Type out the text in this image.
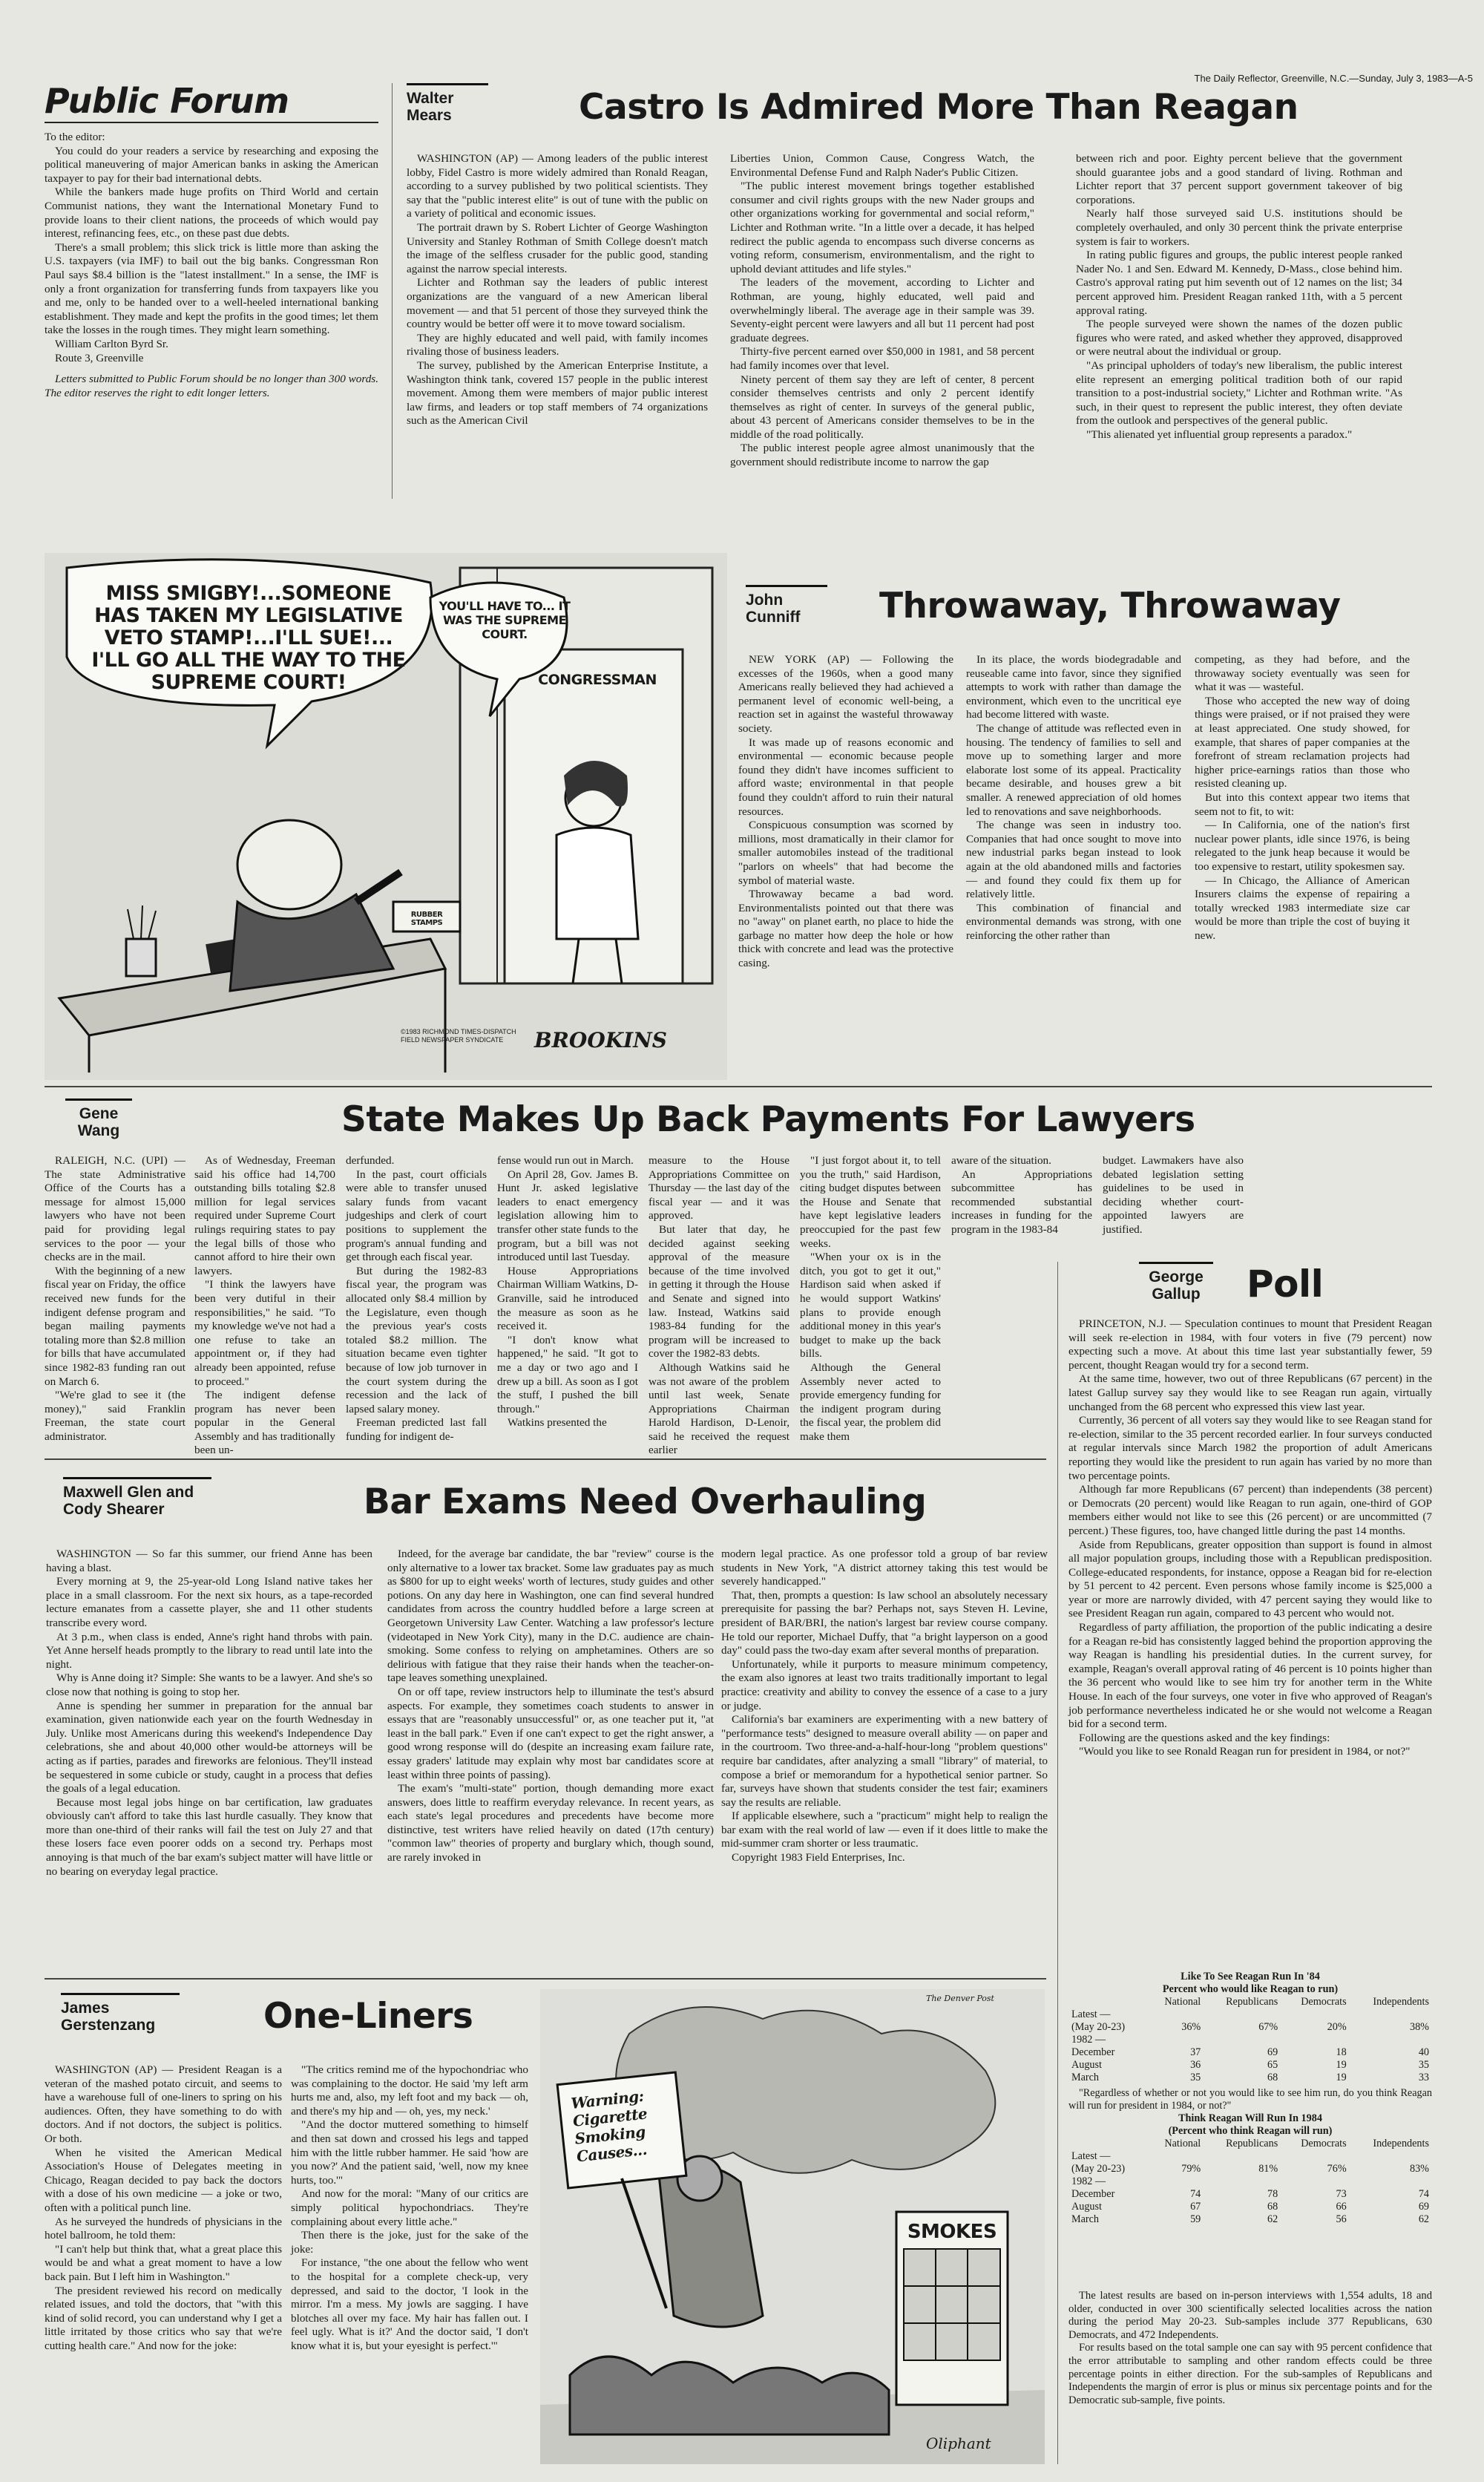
The Daily Reflector, Greenville, N.C.—Sunday, July 3, 1983—A-5
Public Forum

To the editor:

You could do your readers a service by researching and exposing the political maneuvering of major American banks in asking the American taxpayer to pay for their bad international debts.

While the bankers made huge profits on Third World and certain Communist nations, they want the International Monetary Fund to provide loans to their client nations, the proceeds of which would pay interest, refinancing fees, etc., on these past due debts.

There's a small problem; this slick trick is little more than asking the U.S. taxpayers (via IMF) to bail out the big banks. Congressman Ron Paul says $8.4 billion is the "latest installment." In a sense, the IMF is only a front organization for transferring funds from taxpayers like you and me, only to be handed over to a well-heeled international banking establishment. They made and kept the profits in the good times; let them take the losses in the rough times. They might learn something.

William Carlton Byrd Sr.

Route 3, Greenville

Letters submitted to Public Forum should be no longer than 300 words. The editor reserves the right to edit longer letters.

Walter Mears	Castro Is Admired More Than Reagan

WASHINGTON (AP) — Among leaders of the public interest lobby, Fidel Castro is more widely admired than Ronald Reagan, according to a survey published by two political scientists. They say that the "public interest elite" is out of tune with the public on a variety of political and economic issues.

The portrait drawn by S. Robert Lichter of George Washington University and Stanley Rothman of Smith College doesn't match the image of the selfless crusader for the public good, standing against the narrow special interests.

Lichter and Rothman say the leaders of public interest organizations are the vanguard of a new American liberal movement — and that 51 percent of those they surveyed think the country would be better off were it to move toward socialism.

They are highly educated and well paid, with family incomes rivaling those of business leaders.

The survey, published by the American Enterprise Institute, a Washington think tank, covered 157 people in the public interest movement. Among them were members of major public interest law firms, and leaders or top staff members of 74 organizations such as the American Civil

Liberties Union, Common Cause, Congress Watch, the Environmental Defense Fund and Ralph Nader's Public Citizen.

"The public interest movement brings together established consumer and civil rights groups with the new Nader groups and other organizations working for governmental and social reform," Lichter and Rothman write. "In a little over a decade, it has helped redirect the public agenda to encompass such diverse concerns as voting reform, consumerism, environmentalism, and the right to uphold deviant attitudes and life styles."

The leaders of the movement, according to Lichter and Rothman, are young, highly educated, well paid and overwhelmingly liberal. The average age in their sample was 39. Seventy-eight percent were lawyers and all but 11 percent had post graduate degrees.

Thirty-five percent earned over $50,000 in 1981, and 58 percent had family incomes over that level.

Ninety percent of them say they are left of center, 8 percent consider themselves centrists and only 2 percent identify themselves as right of center. In surveys of the general public, about 43 percent of Americans consider themselves to be in the middle of the road politically.

The public interest people agree almost unanimously that the government should redistribute income to narrow the gap

between rich and poor. Eighty percent believe that the government should guarantee jobs and a good standard of living. Rothman and Lichter report that 37 percent support government takeover of big corporations.

Nearly half those surveyed said U.S. institutions should be completely overhauled, and only 30 percent think the private enterprise system is fair to workers.

In rating public figures and groups, the public interest people ranked Nader No. 1 and Sen. Edward M. Kennedy, D-Mass., close behind him. Castro's approval rating put him seventh out of 12 names on the list; 34 percent approved him. President Reagan ranked 11th, with a 5 percent approval rating.

The people surveyed were shown the names of the dozen public figures who were rated, and asked whether they approved, disapproved or were neutral about the individual or group.

"As principal upholders of today's new liberalism, the public interest elite represent an emerging political tradition both of our rapid transition to a post-industrial society," Lichter and Rothman write. "As such, in their quest to represent the public interest, they often deviate from the outlook and perspectives of the general public.

"This alienated yet influential group represents a paradox."

MISS SMIGBY!...SOMEONE HAS TAKEN MY LEGISLATIVE VETO STAMP!...I'LL SUE!... I'LL GO ALL THE WAY TO THE SUPREME COURT!
YOU'LL HAVE TO... IT WAS THE SUPREME COURT.
CONGRESSMAN
RUBBER STAMPS
©1983 RICHMOND TIMES-DISPATCH FIELD NEWSPAPER SYNDICATE	BROOKINS
John Cunniff	Throwaway, Throwaway

NEW YORK (AP) — Following the excesses of the 1960s, when a good many Americans really believed they had achieved a permanent level of economic well-being, a reaction set in against the wasteful throwaway society.

It was made up of reasons economic and environmental — economic because people found they didn't have incomes sufficient to afford waste; environmental in that people found they couldn't afford to ruin their natural resources.

Conspicuous consumption was scorned by millions, most dramatically in their clamor for smaller automobiles instead of the traditional "parlors on wheels" that had become the symbol of material waste.

Throwaway became a bad word. Environmentalists pointed out that there was no "away" on planet earth, no place to hide the garbage no matter how deep the hole or how thick with concrete and lead was the protective casing.

In its place, the words biodegradable and reuseable came into favor, since they signified attempts to work with rather than damage the environment, which even to the uncritical eye had become littered with waste.

The change of attitude was reflected even in housing. The tendency of families to sell and move up to something larger and more elaborate lost some of its appeal. Practicality became desirable, and houses grew a bit smaller. A renewed appreciation of old homes led to renovations and save neighborhoods.

The change was seen in industry too. Companies that had once sought to move into new industrial parks began instead to look again at the old abandoned mills and factories — and found they could fix them up for relatively little.

This combination of financial and environmental demands was strong, with one reinforcing the other rather than

competing, as they had before, and the throwaway society eventually was seen for what it was — wasteful.

Those who accepted the new way of doing things were praised, or if not praised they were at least appreciated. One study showed, for example, that shares of paper companies at the forefront of stream reclamation projects had higher price-earnings ratios than those who resisted cleaning up.

But into this context appear two items that seem not to fit, to wit:

— In California, one of the nation's first nuclear power plants, idle since 1976, is being relegated to the junk heap because it would be too expensive to restart, utility spokesmen say.

— In Chicago, the Alliance of American Insurers claims the expense of repairing a totally wrecked 1983 intermediate size car would be more than triple the cost of buying it new.

Gene Wang	State Makes Up Back Payments For Lawyers

RALEIGH, N.C. (UPI) — The state Administrative Office of the Courts has a message for almost 15,000 lawyers who have not been paid for providing legal services to the poor — your checks are in the mail.

With the beginning of a new fiscal year on Friday, the office received new funds for the indigent defense program and began mailing payments totaling more than $2.8 million for bills that have accumulated since 1982-83 funding ran out on March 6.

"We're glad to see it (the money)," said Franklin Freeman, the state court administrator.

As of Wednesday, Freeman said his office had 14,700 outstanding bills totaling $2.8 million for legal services required under Supreme Court rulings requiring states to pay the legal bills of those who cannot afford to hire their own lawyers.

"I think the lawyers have been very dutiful in their responsibilities," he said. "To my knowledge we've not had a one refuse to take an appointment or, if they had already been appointed, refuse to proceed."

The indigent defense program has never been popular in the General Assembly and has traditionally been un-

derfunded.

In the past, court officials were able to transfer unused salary funds from vacant judgeships and clerk of court positions to supplement the program's annual funding and get through each fiscal year.

But during the 1982-83 fiscal year, the program was allocated only $8.4 million by the Legislature, even though the previous year's costs totaled $8.2 million. The situation became even tighter because of low job turnover in the court system during the recession and the lack of lapsed salary money.

Freeman predicted last fall funding for indigent de-

fense would run out in March.

On April 28, Gov. James B. Hunt Jr. asked legislative leaders to enact emergency legislation allowing him to transfer other state funds to the program, but a bill was not introduced until last Tuesday.

House Appropriations Chairman William Watkins, D-Granville, said he introduced the measure as soon as he received it.

"I don't know what happened," he said. "It got to me a day or two ago and I drew up a bill. As soon as I got the stuff, I pushed the bill through."

Watkins presented the

measure to the House Appropriations Committee on Thursday — the last day of the fiscal year — and it was approved.

But later that day, he decided against seeking approval of the measure because of the time involved in getting it through the House and Senate and signed into law. Instead, Watkins said 1983-84 funding for the program will be increased to cover the 1982-83 debts.

Although Watkins said he was not aware of the problem until last week, Senate Appropriations Chairman Harold Hardison, D-Lenoir, said he received the request earlier

"I just forgot about it, to tell you the truth," said Hardison, citing budget disputes between the House and Senate that have kept legislative leaders preoccupied for the past few weeks.

"When your ox is in the ditch, you got to get it out," Hardison said when asked if he would support Watkins' plans to provide enough additional money in this year's budget to make up the back bills.

Although the General Assembly never acted to provide emergency funding for the indigent program during the fiscal year, the problem did make them

aware of the situation.

An Appropriations subcommittee has recommended substantial increases in funding for the program in the 1983-84

budget. Lawmakers have also debated legislation setting guidelines to be used in deciding whether court-appointed lawyers are justified.

George Gallup	Poll

PRINCETON, N.J. — Speculation continues to mount that President Reagan will seek re-election in 1984, with four voters in five (79 percent) now expecting such a move. At about this time last year substantially fewer, 59 percent, thought Reagan would try for a second term.

At the same time, however, two out of three Republicans (67 percent) in the latest Gallup survey say they would like to see Reagan run again, virtually unchanged from the 68 percent who expressed this view last year.

Currently, 36 percent of all voters say they would like to see Reagan stand for re-election, similar to the 35 percent recorded earlier. In four surveys conducted at regular intervals since March 1982 the proportion of adult Americans reporting they would like the president to run again has varied by no more than two percentage points.

Although far more Republicans (67 percent) than independents (38 percent) or Democrats (20 percent) would like Reagan to run again, one-third of GOP members either would not like to see this (26 percent) or are uncommitted (7 percent.) These figures, too, have changed little during the past 14 months.

Aside from Republicans, greater opposition than support is found in almost all major population groups, including those with a Republican predisposition. College-educated respondents, for instance, oppose a Reagan bid for re-election by 51 percent to 42 percent. Even persons whose family income is $25,000 a year or more are narrowly divided, with 47 percent saying they would like to see President Reagan run again, compared to 43 percent who would not.

Regardless of party affiliation, the proportion of the public indicating a desire for a Reagan re-bid has consistently lagged behind the proportion approving the way Reagan is handling his presidential duties. In the current survey, for example, Reagan's overall approval rating of 46 percent is 10 points higher than the 36 percent who would like to see him try for another term in the White House. In each of the four surveys, one voter in five who approved of Reagan's job performance nevertheless indicated he or she would not welcome a Reagan bid for a second term.

Following are the questions asked and the key findings:

"Would you like to see Ronald Reagan run for president in 1984, or not?"

Like To See Reagan Run In '84
Percent who would like Reagan to run)
	National	Republicans	Democrats	Independents
Latest —				
(May 20-23)	36%	67%	20%	38%
1982 —				
December	37	69	18	40
August	36	65	19	35
March	35	68	19	33
"Regardless of whether or not you would like to see him run, do you think Reagan will run for president in 1984, or not?"
Think Reagan Will Run In 1984
(Percent who think Reagan will run)
	National	Republicans	Democrats	Independents
Latest —				
(May 20-23)	79%	81%	76%	83%
1982 —				
December	74	78	73	74
August	67	68	66	69
March	59	62	56	62

The latest results are based on in-person interviews with 1,554 adults, 18 and older, conducted in over 300 scientifically selected localities across the nation during the period May 20-23. Sub-samples include 377 Republicans, 630 Democrats, and 472 Independents.

For results based on the total sample one can say with 95 percent confidence that the error attributable to sampling and other random effects could be three percentage points in either direction. For the sub-samples of Republicans and Independents the margin of error is plus or minus six percentage points and for the Democratic sub-sample, five points.

Maxwell Glen and Cody Shearer	Bar Exams Need Overhauling

WASHINGTON — So far this summer, our friend Anne has been having a blast.

Every morning at 9, the 25-year-old Long Island native takes her place in a small classroom. For the next six hours, as a tape-recorded lecture emanates from a cassette player, she and 11 other students transcribe every word.

At 3 p.m., when class is ended, Anne's right hand throbs with pain. Yet Anne herself heads promptly to the library to read until late into the night.

Why is Anne doing it? Simple: She wants to be a lawyer. And she's so close now that nothing is going to stop her.

Anne is spending her summer in preparation for the annual bar examination, given nationwide each year on the fourth Wednesday in July. Unlike most Americans during this weekend's Independence Day celebrations, she and about 40,000 other would-be attorneys will be acting as if parties, parades and fireworks are felonious. They'll instead be sequestered in some cubicle or study, caught in a process that defies the goals of a legal education.

Because most legal jobs hinge on bar certification, law graduates obviously can't afford to take this last hurdle casually. They know that more than one-third of their ranks will fail the test on July 27 and that these losers face even poorer odds on a second try. Perhaps most annoying is that much of the bar exam's subject matter will have little or no bearing on everyday legal practice.

Indeed, for the average bar candidate, the bar "review" course is the only alternative to a lower tax bracket. Some law graduates pay as much as $800 for up to eight weeks' worth of lectures, study guides and other potions. On any day here in Washington, one can find several hundred candidates from across the country huddled before a large screen at Georgetown University Law Center. Watching a law professor's lecture (videotaped in New York City), many in the D.C. audience are chain-smoking. Some confess to relying on amphetamines. Others are so delirious with fatigue that they raise their hands when the teacher-on-tape leaves something unexplained.

On or off tape, review instructors help to illuminate the test's absurd aspects. For example, they sometimes coach students to answer in essays that are "reasonably unsuccessful" or, as one teacher put it, "at least in the ball park." Even if one can't expect to get the right answer, a good wrong response will do (despite an increasing exam failure rate, essay graders' latitude may explain why most bar candidates score at least within three points of passing).

The exam's "multi-state" portion, though demanding more exact answers, does little to reaffirm everyday relevance. In recent years, as each state's legal procedures and precedents have become more distinctive, test writers have relied heavily on dated (17th century) "common law" theories of property and burglary which, though sound, are rarely invoked in

modern legal practice. As one professor told a group of bar review students in New York, "A district attorney taking this test would be severely handicapped."

That, then, prompts a question: Is law school an absolutely necessary prerequisite for passing the bar? Perhaps not, says Steven H. Levine, president of BAR/BRI, the nation's largest bar review course company. He told our reporter, Michael Duffy, that "a bright layperson on a good day" could pass the two-day exam after several months of preparation.

Unfortunately, while it purports to measure minimum competency, the exam also ignores at least two traits traditionally important to legal practice: creativity and ability to convey the essence of a case to a jury or judge.

California's bar examiners are experimenting with a new battery of "performance tests" designed to measure overall ability — on paper and in the courtroom. Two three-and-a-half-hour-long "problem questions" require bar candidates, after analyzing a small "library" of material, to compose a brief or memorandum for a hypothetical senior partner. So far, surveys have shown that students consider the test fair; examiners say the results are reliable.

If applicable elsewhere, such a "practicum" might help to realign the bar exam with the real world of law — even if it does little to make the mid-summer cram shorter or less traumatic.

Copyright 1983 Field Enterprises, Inc.

James Gerstenzang	One-Liners

WASHINGTON (AP) — President Reagan is a veteran of the mashed potato circuit, and seems to have a warehouse full of one-liners to spring on his audiences. Often, they have something to do with doctors. And if not doctors, the subject is politics. Or both.

When he visited the American Medical Association's House of Delegates meeting in Chicago, Reagan decided to pay back the doctors with a dose of his own medicine — a joke or two, often with a political punch line.

As he surveyed the hundreds of physicians in the hotel ballroom, he told them:

"I can't help but think that, what a great place this would be and what a great moment to have a low back pain. But I left him in Washington."

The president reviewed his record on medically related issues, and told the doctors, that "with this kind of solid record, you can understand why I get a little irritated by those critics who say that we're cutting health care." And now for the joke:

"The critics remind me of the hypochondriac who was complaining to the doctor. He said 'my left arm hurts me and, also, my left foot and my back — oh, and there's my hip and — oh, yes, my neck.'

"And the doctor muttered something to himself and then sat down and crossed his legs and tapped him with the little rubber hammer. He said 'how are you now?' And the patient said, 'well, now my knee hurts, too.'"

And now for the moral: "Many of our critics are simply political hypochondriacs. They're complaining about every little ache."

Then there is the joke, just for the sake of the joke:

For instance, "the one about the fellow who went to the hospital for a complete check-up, very depressed, and said to the doctor, 'I look in the mirror. I'm a mess. My jowls are sagging. I have blotches all over my face. My hair has fallen out. I feel ugly. What is it?' And the doctor said, 'I don't know what it is, but your eyesight is perfect.'"

The Denver Post
Warning: Cigarette Smoking Causes...
SMOKES
Oliphant
